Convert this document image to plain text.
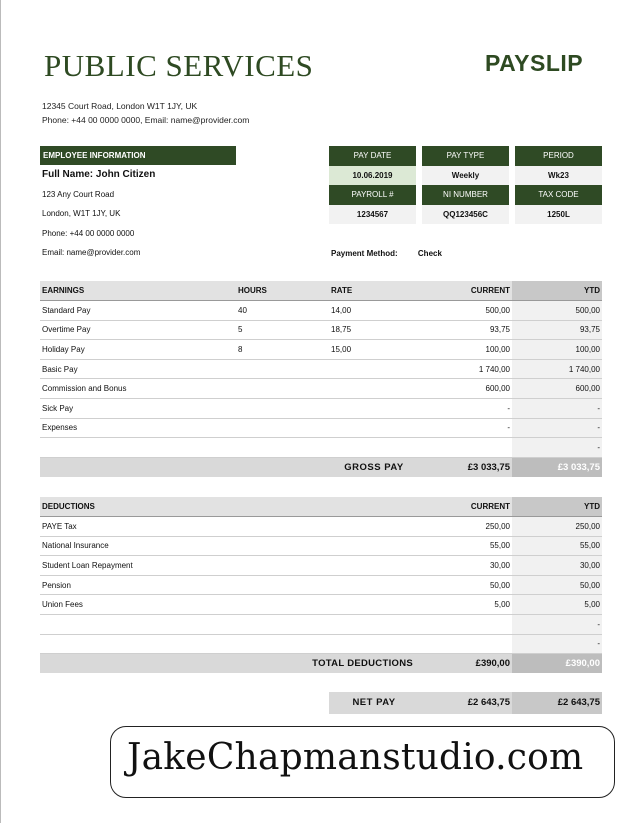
PUBLIC SERVICES	PAYSLIP
12345 Court Road, London W1T 1JY, UK
Phone: +44 00 0000 0000, Email: name@provider.com
EMPLOYEE INFORMATION
Full Name: John Citizen
123 Any Court Road
London, W1T 1JY, UK
Phone: +44 00 0000 0000
Email: name@provider.com
PAY DATE	PAY TYPE	PERIOD
10.06.2019	Weekly	Wk23
PAYROLL #	NI NUMBER	TAX CODE
1234567	QQ123456C	1250L
Payment Method:	Check
EARNINGS	HOURS	RATE	CURRENT	YTD
Standard Pay	40	14,00	500,00	500,00
Overtime Pay	5	18,75	93,75	93,75
Holiday Pay	8	15,00	100,00	100,00
Basic Pay			1 740,00	1 740,00
Commission and Bonus			600,00	600,00
Sick Pay			-	-
Expenses			-	-
				-
		GROSS PAY	£3 033,75	£3 033,75
DEDUCTIONS			CURRENT	YTD
PAYE Tax			250,00	250,00
National Insurance			55,00	55,00
Student Loan Repayment			30,00	30,00
Pension			50,00	50,00
Union Fees			5,00	5,00
				-
				-
	TOTAL DEDUCTIONS		£390,00	£390,00
NET PAY	£2 643,75	£2 643,75
JakeChapmanstudio.com
